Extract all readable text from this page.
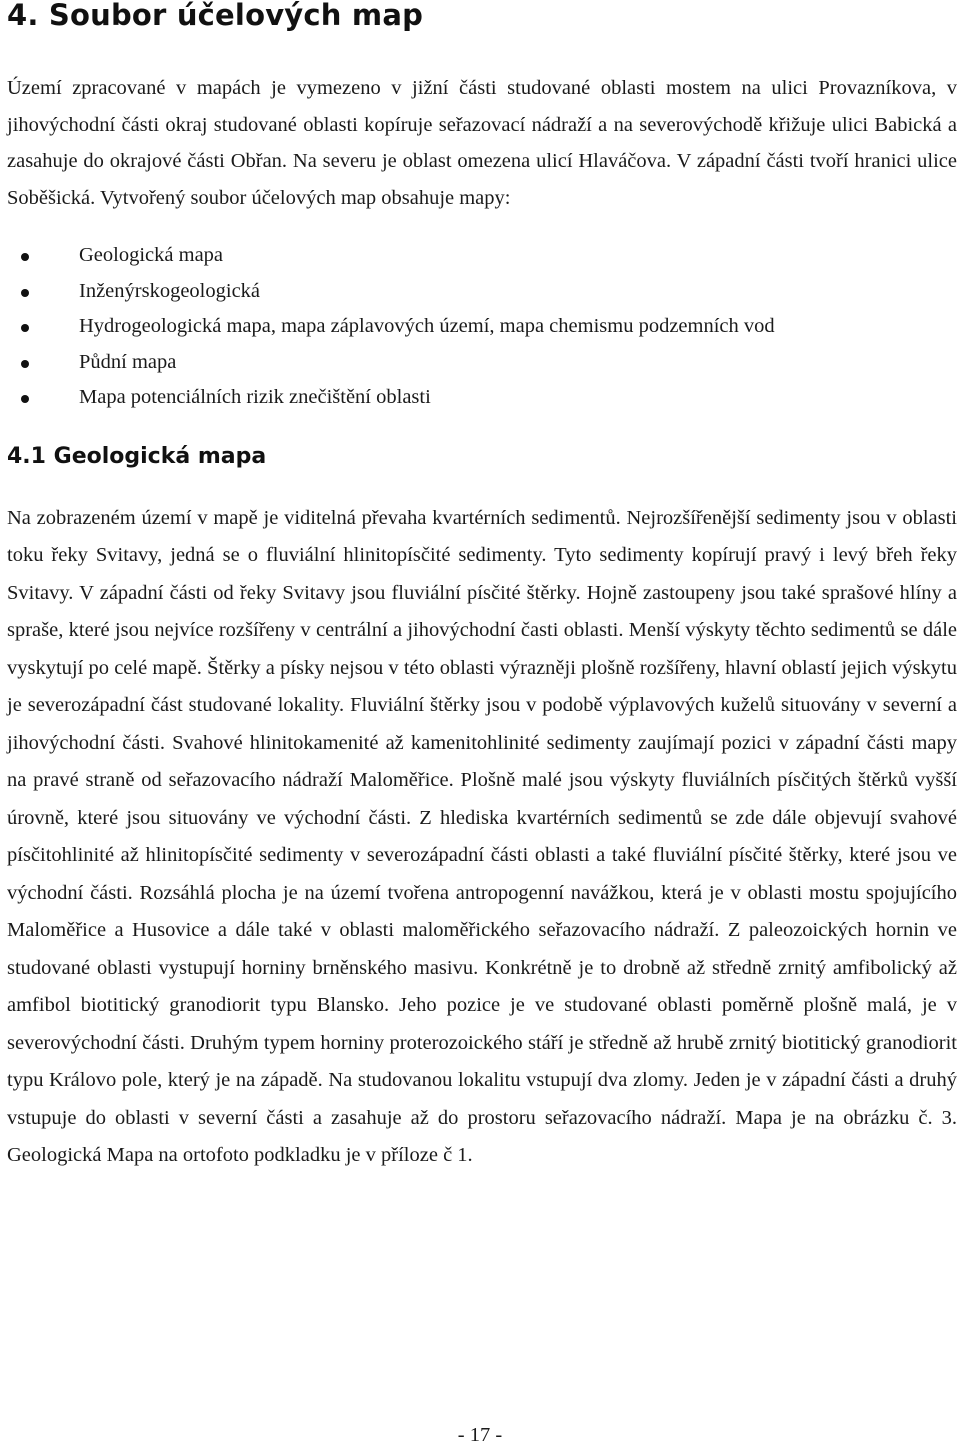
4. Soubor účelových map

Území zpracované v mapách je vymezeno v jižní části studované oblasti mostem na ulici Provazníkova, v jihovýchodní části okraj studované oblasti kopíruje seřazovací nádraží a na severovýchodě křižuje ulici Babická a zasahuje do okrajové části Obřan. Na severu je oblast omezena ulicí Hlaváčova. V západní části tvoří hranici ulice Soběšická. Vytvořený soubor účelových map obsahuje mapy:

Geologická mapa
Inženýrskogeologická
Hydrogeologická mapa, mapa záplavových území, mapa chemismu podzemních vod
Půdní mapa
Mapa potenciálních rizik znečištění oblasti
4.1 Geologická mapa

Na zobrazeném území v mapě je viditelná převaha kvartérních sedimentů. Nejrozšířenější sedimenty jsou v oblasti toku řeky Svitavy, jedná se o fluviální hlinitopísčité sedimenty. Tyto sedimenty kopírují pravý i levý břeh řeky Svitavy. V západní části od řeky Svitavy jsou fluviální písčité štěrky. Hojně zastoupeny jsou také sprašové hlíny a spraše, které jsou nejvíce rozšířeny v centrální a jihovýchodní časti oblasti. Menší výskyty těchto sedimentů se dále vyskytují po celé mapě. Štěrky a písky nejsou v této oblasti výrazněji plošně rozšířeny, hlavní oblastí jejich výskytu je severozápadní část studované lokality. Fluviální štěrky jsou v podobě výplavových kuželů situovány v severní a jihovýchodní části. Svahové hlinitokamenité až kamenitohlinité sedimenty zaujímají pozici v západní části mapy na pravé straně od seřazovacího nádraží Maloměřice. Plošně malé jsou výskyty fluviálních písčitých štěrků vyšší úrovně, které jsou situovány ve východní části. Z hlediska kvartérních sedimentů se zde dále objevují svahové písčitohlinité až hlinitopísčité sedimenty v severozápadní části oblasti a také fluviální písčité štěrky, které jsou ve východní části. Rozsáhlá plocha je na území tvořena antropogenní navážkou, která je v oblasti mostu spojujícího Maloměřice a Husovice a dále také v oblasti maloměřického seřazovacího nádraží. Z paleozoických hornin ve studované oblasti vystupují horniny brněnského masivu. Konkrétně je to drobně až středně zrnitý amfibolický až amfibol biotitický granodiorit typu Blansko. Jeho pozice je ve studované oblasti poměrně plošně malá, je v severovýchodní části. Druhým typem horniny proterozoického stáří je středně až hrubě zrnitý biotitický granodiorit typu Královo pole, který je na západě. Na studovanou lokalitu vstupují dva zlomy. Jeden je v západní části a druhý vstupuje do oblasti v severní části a zasahuje až do prostoru seřazovacího nádraží. Mapa je na obrázku č. 3. Geologická Mapa na ortofoto podkladku je v příloze č 1.

- 17 -
